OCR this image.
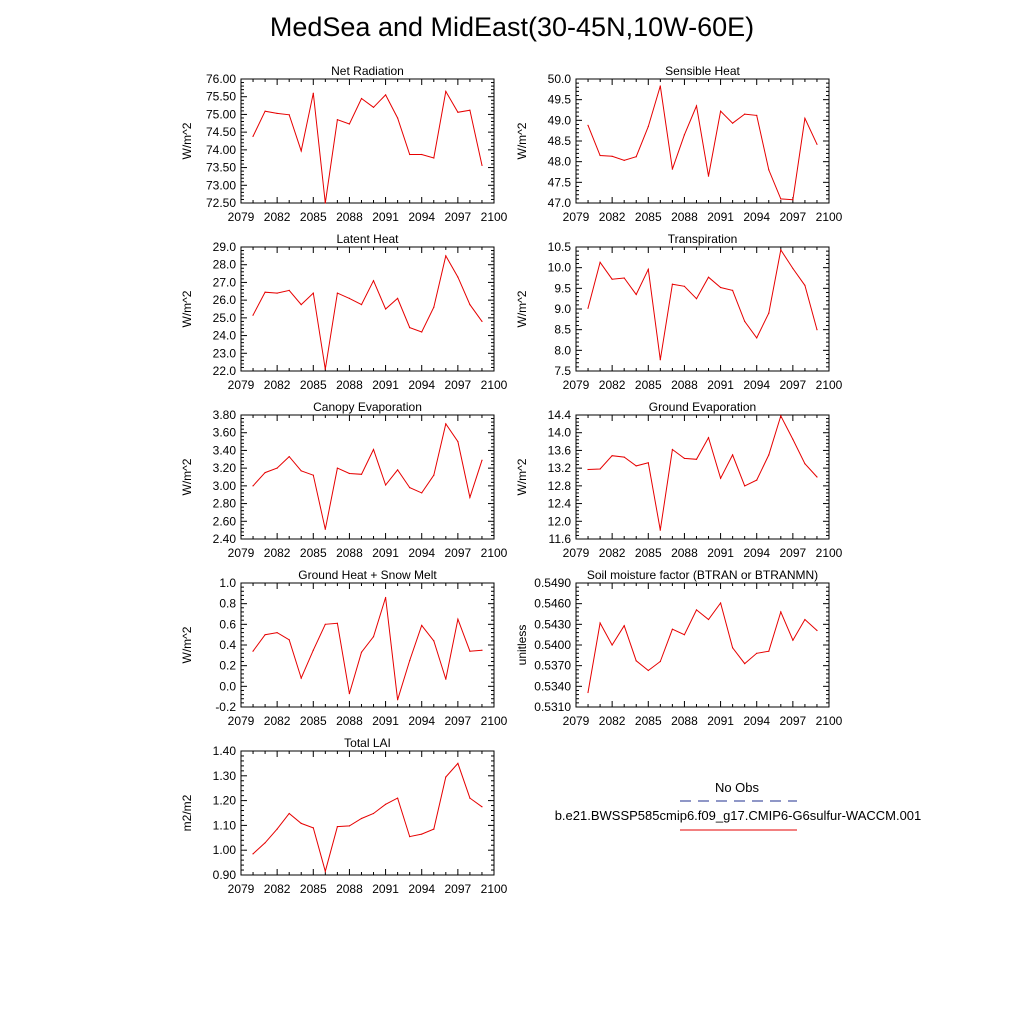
MedSea and MidEast(30-45N,10W-60E)
Net Radiation
W/m^2
76.00
75.50
75.00
74.50
74.00
73.50
73.00
72.50
2079 2082 2085 2088 2091 2094 2097 2100
Sensible Heat
W/m^2
50.0
49.5
49.0
48.5
48.0
47.5
47.0
2079 2082 2085 2088 2091 2094 2097 2100
Latent Heat
W/m^2
29.0
28.0
27.0
26.0
25.0
24.0
23.0
22.0
2079 2082 2085 2088 2091 2094 2097 2100
Transpiration
W/m^2
10.5
10.0
9.5
9.0
8.5
8.0
7.5
2079 2082 2085 2088 2091 2094 2097 2100
Canopy Evaporation
W/m^2
3.80
3.60
3.40
3.20
3.00
2.80
2.60
2.40
2079 2082 2085 2088 2091 2094 2097 2100
Ground Evaporation
W/m^2
14.4
14.0
13.6
13.2
12.8
12.4
12.0
11.6
2079 2082 2085 2088 2091 2094 2097 2100
Ground Heat + Snow Melt
W/m^2
1.0
0.8
0.6
0.4
0.2
0.0
-0.2
2079 2082 2085 2088 2091 2094 2097 2100
Soil moisture factor (BTRAN or BTRANMN)
unitless
0.5490
0.5460
0.5430
0.5400
0.5370
0.5340
0.5310
2079 2082 2085 2088 2091 2094 2097 2100
Total LAI
m2/m2
1.40
1.30
1.20
1.10
1.00
0.90
2079 2082 2085 2088 2091 2094 2097 2100
No Obs
b.e21.BWSSP585cmip6.f09_g17.CMIP6-G6sulfur-WACCM.001
